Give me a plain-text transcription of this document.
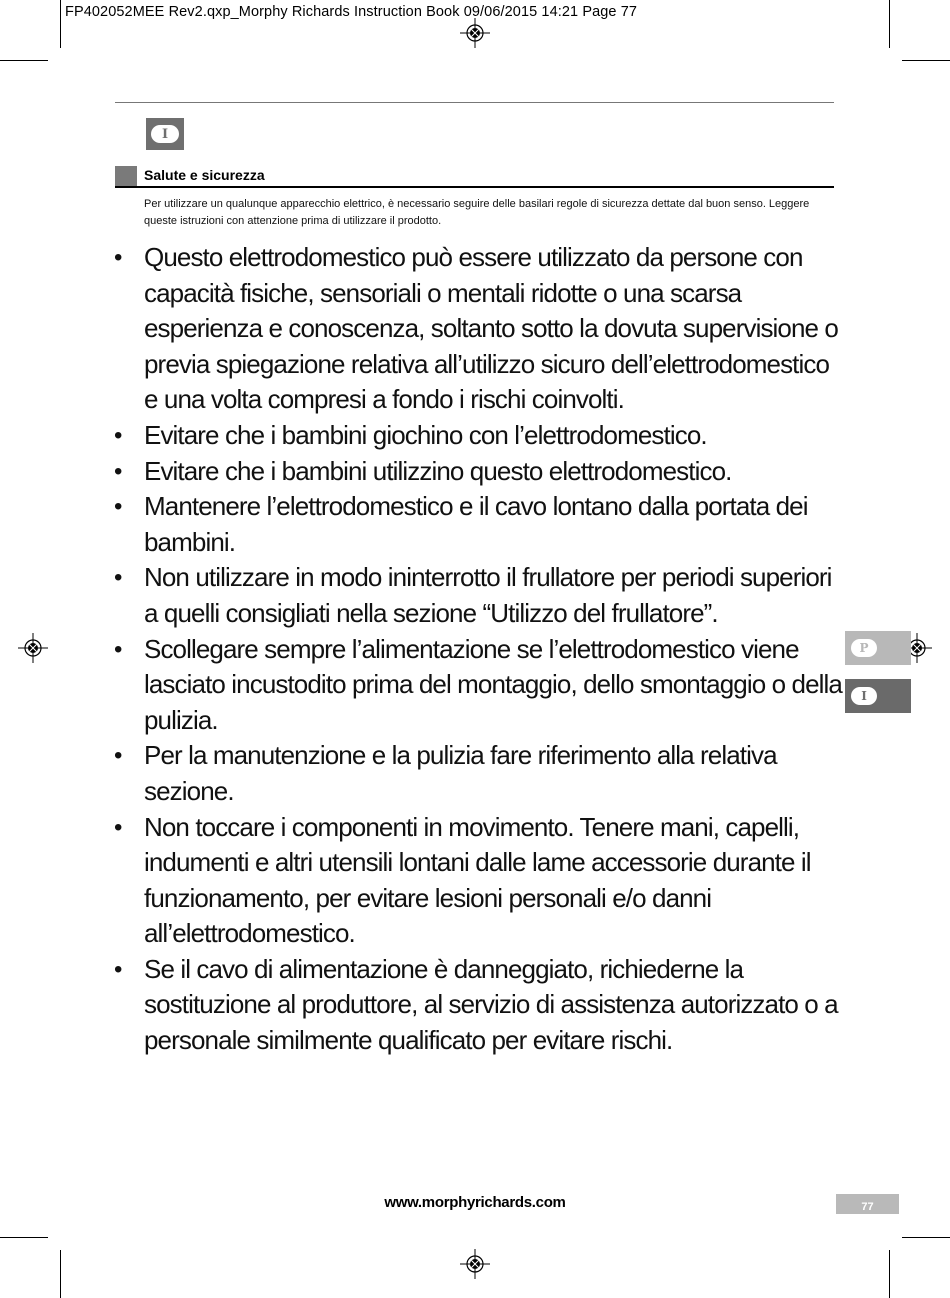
FP402052MEE Rev2.qxp_Morphy Richards Instruction Book 09/06/2015 14:21 Page 77
I
Salute e sicurezza
Per utilizzare un qualunque apparecchio elettrico, è necessario seguire delle basilari regole di sicurezza dettate dal buon senso. Leggere queste istruzioni con attenzione prima di utilizzare il prodotto.
• Questo elettrodomestico può essere utilizzato da persone con capacità fisiche, sensoriali o mentali ridotte o una scarsa esperienza e conoscenza, soltanto sotto la dovuta supervisione o previa spiegazione relativa all’utilizzo sicuro dell’elettrodomestico e una volta compresi a fondo i rischi coinvolti.
• Evitare che i bambini giochino con l’elettrodomestico.
• Evitare che i bambini utilizzino questo elettrodomestico.
• Mantenere l’elettrodomestico e il cavo lontano dalla portata dei bambini.
• Non utilizzare in modo ininterrotto il frullatore per periodi superiori a quelli consigliati nella sezione “Utilizzo del frullatore”.
• Scollegare sempre l’alimentazione se l’elettrodomestico viene lasciato incustodito prima del montaggio, dello smontaggio o della pulizia.
• Per la manutenzione e la pulizia fare riferimento alla relativa sezione.
• Non toccare i componenti in movimento. Tenere mani, capelli, indumenti e altri utensili lontani dalle lame accessorie durante il funzionamento, per evitare lesioni personali e/o danni all’elettrodomestico.
• Se il cavo di alimentazione è danneggiato, richiederne la sostituzione al produttore, al servizio di assistenza autorizzato o a personale similmente qualificato per evitare rischi.
P
I
www.morphyrichards.com	77
